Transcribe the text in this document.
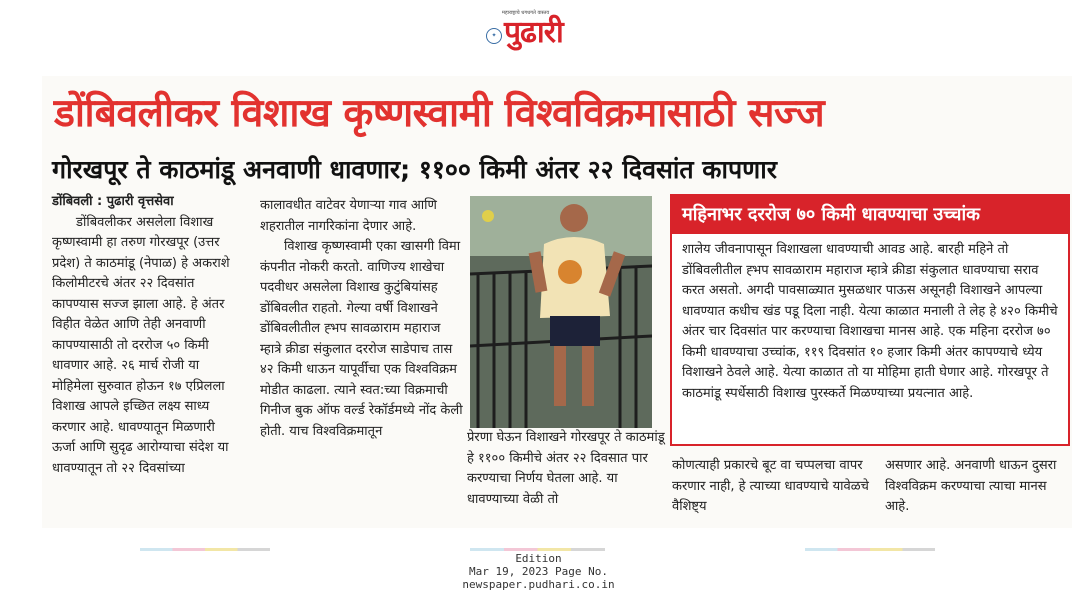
महाराष्ट्राचे धगधगते वास्तव
✦ पुढारी
डोंबिवलीकर विशाख कृष्णस्वामी विश्वविक्रमासाठी सज्ज
गोरखपूर ते काठमांडू अनवाणी धावणार; ११०० किमी अंतर २२ दिवसांत कापणार

डोंबिवली : पुढारी वृत्तसेवा

डोंबिवलीकर असलेला विशाख कृष्णस्वामी हा तरुण गोरखपूर (उत्तर प्रदेश) ते काठमांडू (नेपाळ) हे अकराशे किलोमीटरचे अंतर २२ दिवसांत कापण्यास सज्ज झाला आहे. हे अंतर विहीत वेळेत आणि तेही अनवाणी कापण्यासाठी तो दररोज ५० किमी धावणार आहे. २६ मार्च रोजी या मोहिमेला सुरुवात होऊन १७ एप्रिलला विशाख आपले इच्छित लक्ष्य साध्य करणार आहे. धावण्यातून मिळणारी ऊर्जा आणि सुदृढ आरोग्याचा संदेश या धावण्यातून तो २२ दिवसांच्या

कालावधीत वाटेवर येणाऱ्या गाव आणि शहरातील नागरिकांना देणार आहे.

विशाख कृष्णस्वामी एका खासगी विमा कंपनीत नोकरी करतो. वाणिज्य शाखेचा पदवीधर असलेला विशाख कुटुंबियांसह डोंबिवलीत राहतो. गेल्या वर्षी विशाखने डोंबिवलीतील ह्भप सावळाराम महाराज म्हात्रे क्रीडा संकुलात दररोज साडेपाच तास ४२ किमी धाऊन यापूर्वीचा एक विश्वविक्रम मोडीत काढला. त्याने स्वत:च्या विक्रमाची गिनीज बुक ऑफ वर्ल्ड रेकॉर्डमध्ये नोंद केली होती. याच विश्वविक्रमातून	प्रेरणा घेऊन विशाखने गोरखपूर ते काठमांडू हे ११०० किमीचे अंतर २२ दिवसात पार करण्याचा निर्णय घेतला आहे. या धावण्याच्या वेळी तो
महिनाभर दररोज ७० किमी धावण्याचा उच्चांक
शालेय जीवनापासून विशाखला धावण्याची आवड आहे. बारही महिने तो डोंबिवलीतील ह्भप सावळाराम महाराज म्हात्रे क्रीडा संकुलात धावण्याचा सराव करत असतो. अगदी पावसाळ्यात मुसळधार पाऊस असूनही विशाखने आपल्या धावण्यात कधीच खंड पडू दिला नाही. येत्या काळात मनाली ते लेह हे ४२० किमीचे अंतर चार दिवसांत पार करण्याचा विशाखचा मानस आहे. एक महिना दररोज ७० किमी धावण्याचा उच्चांक, ११९ दिवसांत १० हजार किमी अंतर कापण्याचे ध्येय विशाखने ठेवले आहे. येत्या काळात तो या मोहिमा हाती घेणार आहे. गोरखपूर ते काठमांडू स्पर्धेसाठी विशाख पुरस्कर्ते मिळण्याच्या प्रयत्नात आहे.

कोणत्याही प्रकारचे बूट वा चप्पलचा वापर करणार नाही, हे त्याच्या धावण्याचे यावेळचे वैशिष्ट्य

असणार आहे. अनवाणी धाऊन दुसरा विश्वविक्रम करण्याचा त्याचा मानस आहे.

Edition
Mar 19, 2023 Page No.
newspaper.pudhari.co.in
